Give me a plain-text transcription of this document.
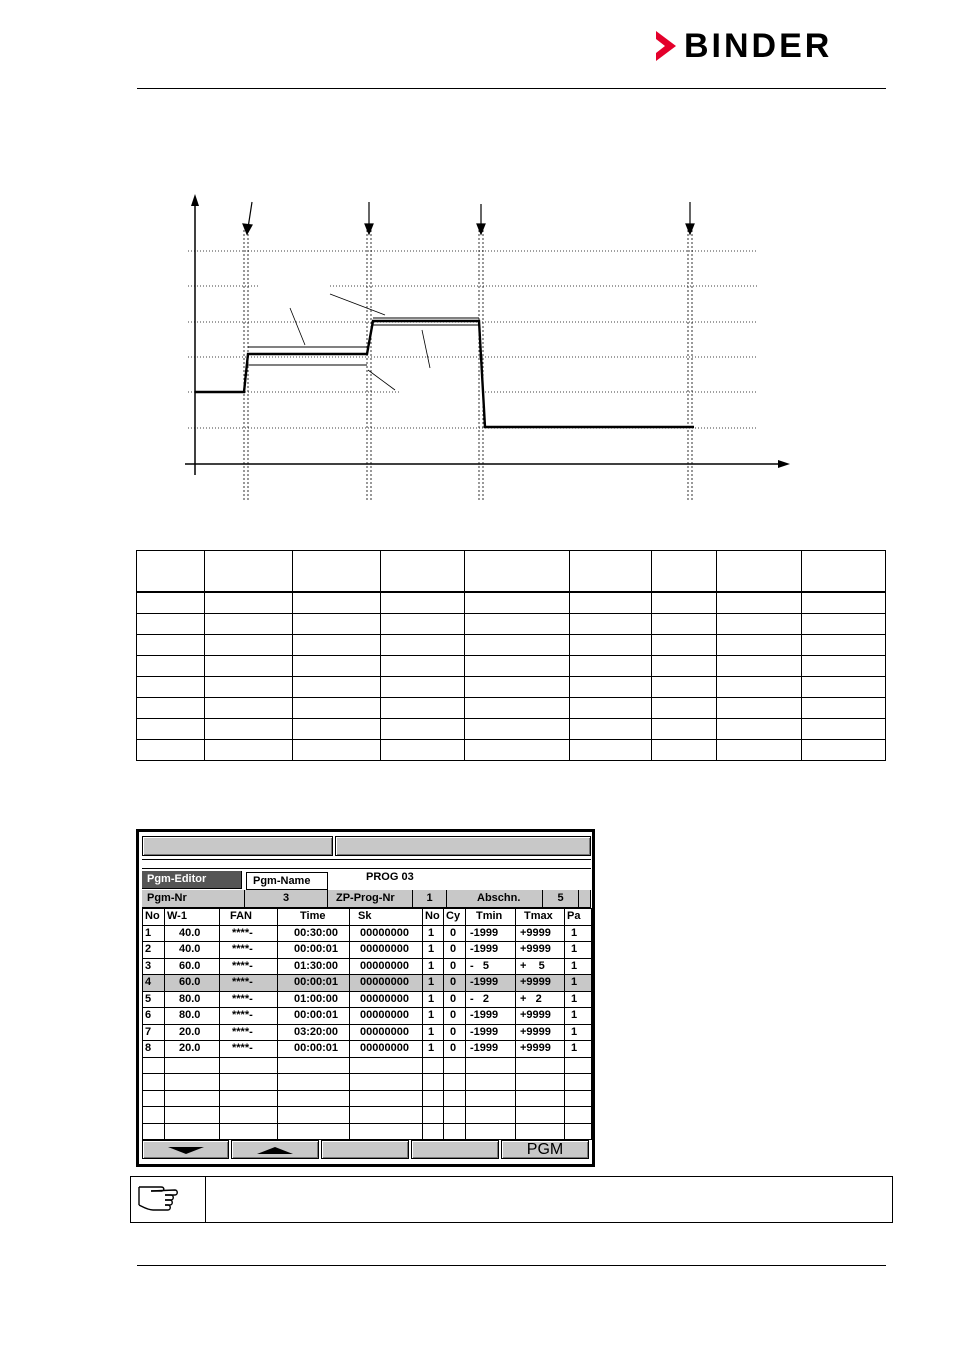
BINDER

Pgm-Editor	Pgm-Name	PROG 03
Pgm-Nr	3	ZP-Prog-Nr	1	Abschn.	5
No	W-1	FAN	Time	Sk	No	Cy	Tmin	Tmax	Pa
1	40.0	****-	00:30:00	00000000	1	0	-1999	+9999	1
2	40.0	****-	00:00:01	00000000	1	0	-1999	+9999	1
3	60.0	****-	01:30:00	00000000	1	0	-   5	+    5	1
4	60.0	****-	00:00:01	00000000	1	0	-1999	+9999	1
5	80.0	****-	01:00:00	00000000	1	0	-   2	+   2	1
6	80.0	****-	00:00:01	00000000	1	0	-1999	+9999	1
7	20.0	****-	03:20:00	00000000	1	0	-1999	+9999	1
8	20.0	****-	00:00:01	00000000	1	0	-1999	+9999	1

PGM
